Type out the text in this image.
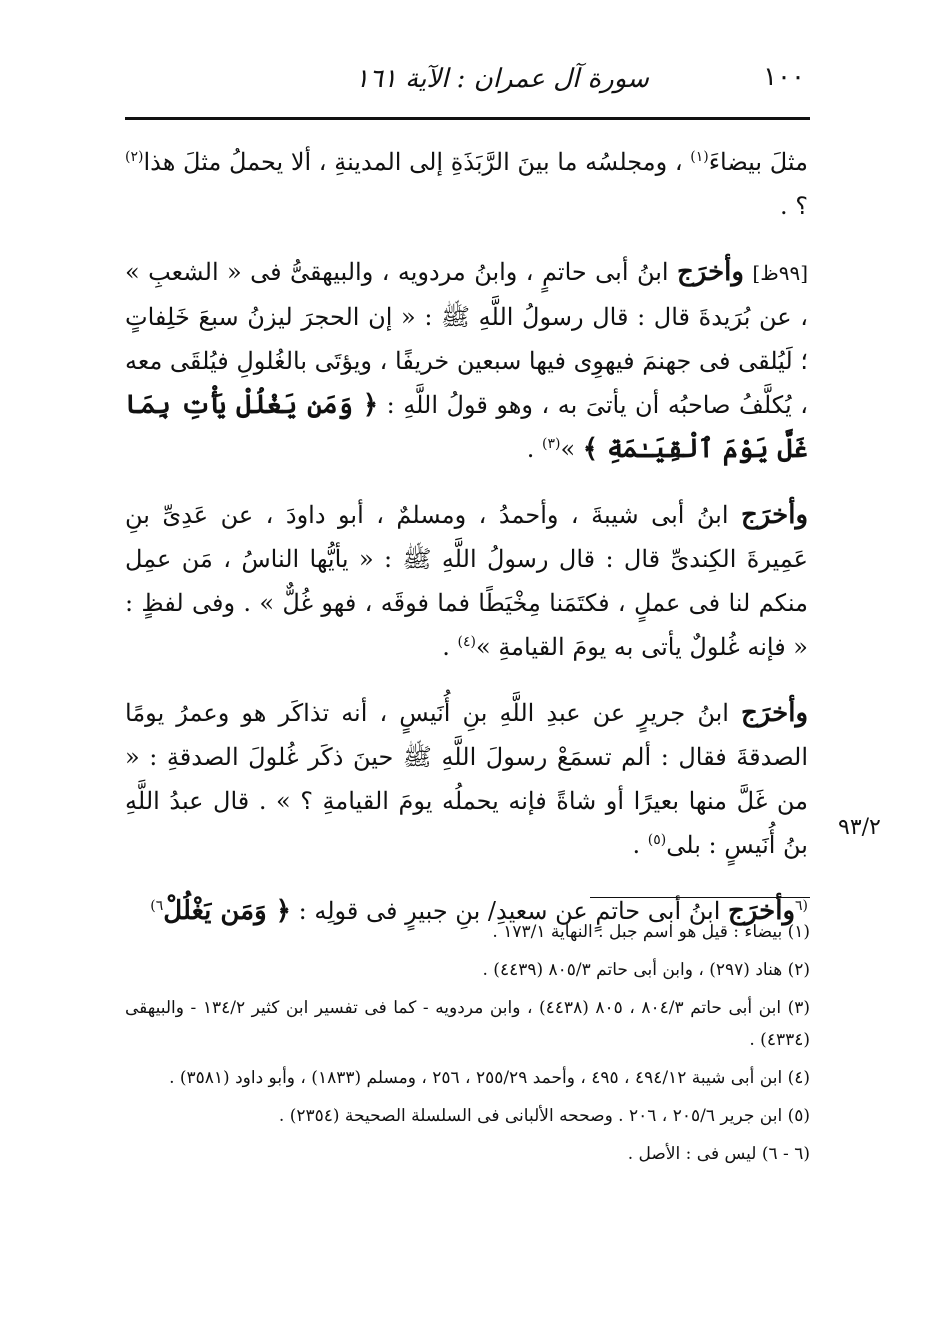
١٠٠
سورة آل عمران : الآية ١٦١

مثلَ بيضاءَ$^{(١)}$ ، ومجلسُه ما بينَ الرَّبَذَةِ إلى المدينةِ ، ألا يحملُ مثلَ هذا$^{(٢)}$ ؟ .

[٩٩ظ] وأخرَج ابنُ أبى حاتمٍ ، وابنُ مردويه ، والبيهقىُّ فى « الشعبِ » ، عن بُرَيدةَ قال : قال رسولُ اللَّهِ ﷺ : « إن الحجرَ ليزنُ سبعَ خَلِفاتٍ ؛ لَيُلقى فى جهنمَ فيهوِى فيها سبعين خريفًا ، ويؤتَى بالغُلولِ فيُلقَى معه ، يُكلَّفُ صاحبُه أن يأتىَ به ، وهو قولُ اللَّهِ : ﴿ وَمَن يَغْلُلْ يَأْتِ بِمَا غَلَّ يَوْمَ ٱلْقِيَـٰمَةِ ﴾ »$^{(٣)}$ .

وأخرَج ابنُ أبى شيبةَ ، وأحمدُ ، ومسلمٌ ، أبو داودَ ، عن عَدِىِّ بنِ عَمِيرةَ الكِندىِّ قال : قال رسولُ اللَّهِ ﷺ : « يأيُّها الناسُ ، مَن عمِل منكم لنا فى عملٍ ، فكتَمَنا مِخْيَطًا فما فوقَه ، فهو غُلٌّ » . وفى لفظٍ : « فإنه غُلولٌ يأتى به يومَ القيامةِ »$^{(٤)}$ .

وأخرَج ابنُ جريرٍ عن عبدِ اللَّهِ بنِ أُنَيسٍ ، أنه تذاكَر هو وعمرُ يومًا الصدقةَ فقال : ألم تسمَعْ رسولَ اللَّهِ ﷺ حينَ ذكَر غُلولَ الصدقةِ : « من غَلَّ منها بعيرًا أو شاةً فإنه يحملُه يومَ القيامةِ ؟ » . قال عبدُ اللَّهِ بنُ أُنَيسٍ : بلى$^{(٥)}$ .

$^{(٦}$وأخرَج ابنُ أبى حاتمٍ عن سعيدِ/ بنِ جبيرٍ فى قولِه : ﴿ وَمَن يَغْلُلْ$^{٦)}$

٩٣/٢

(١) بيضاء : قيل هو اسم جبل . النهاية ١٧٣/١ .

(٢) هناد (٢٩٧) ، وابن أبى حاتم ٨٠٥/٣ (٤٤٣٩) .

(٣) ابن أبى حاتم ٨٠٤/٣ ، ٨٠٥ (٤٤٣٨) ، وابن مردويه - كما فى تفسير ابن كثير ١٣٤/٢ - والبيهقى (٤٣٣٤) .

(٤) ابن أبى شيبة ٤٩٤/١٢ ، ٤٩٥ ، وأحمد ٢٥٥/٢٩ ، ٢٥٦ ، ومسلم (١٨٣٣) ، وأبو داود (٣٥٨١) .

(٥) ابن جرير ٢٠٥/٦ ، ٢٠٦ . وصححه الألبانى فى السلسلة الصحيحة (٢٣٥٤) .

(٦ - ٦) ليس فى : الأصل .
